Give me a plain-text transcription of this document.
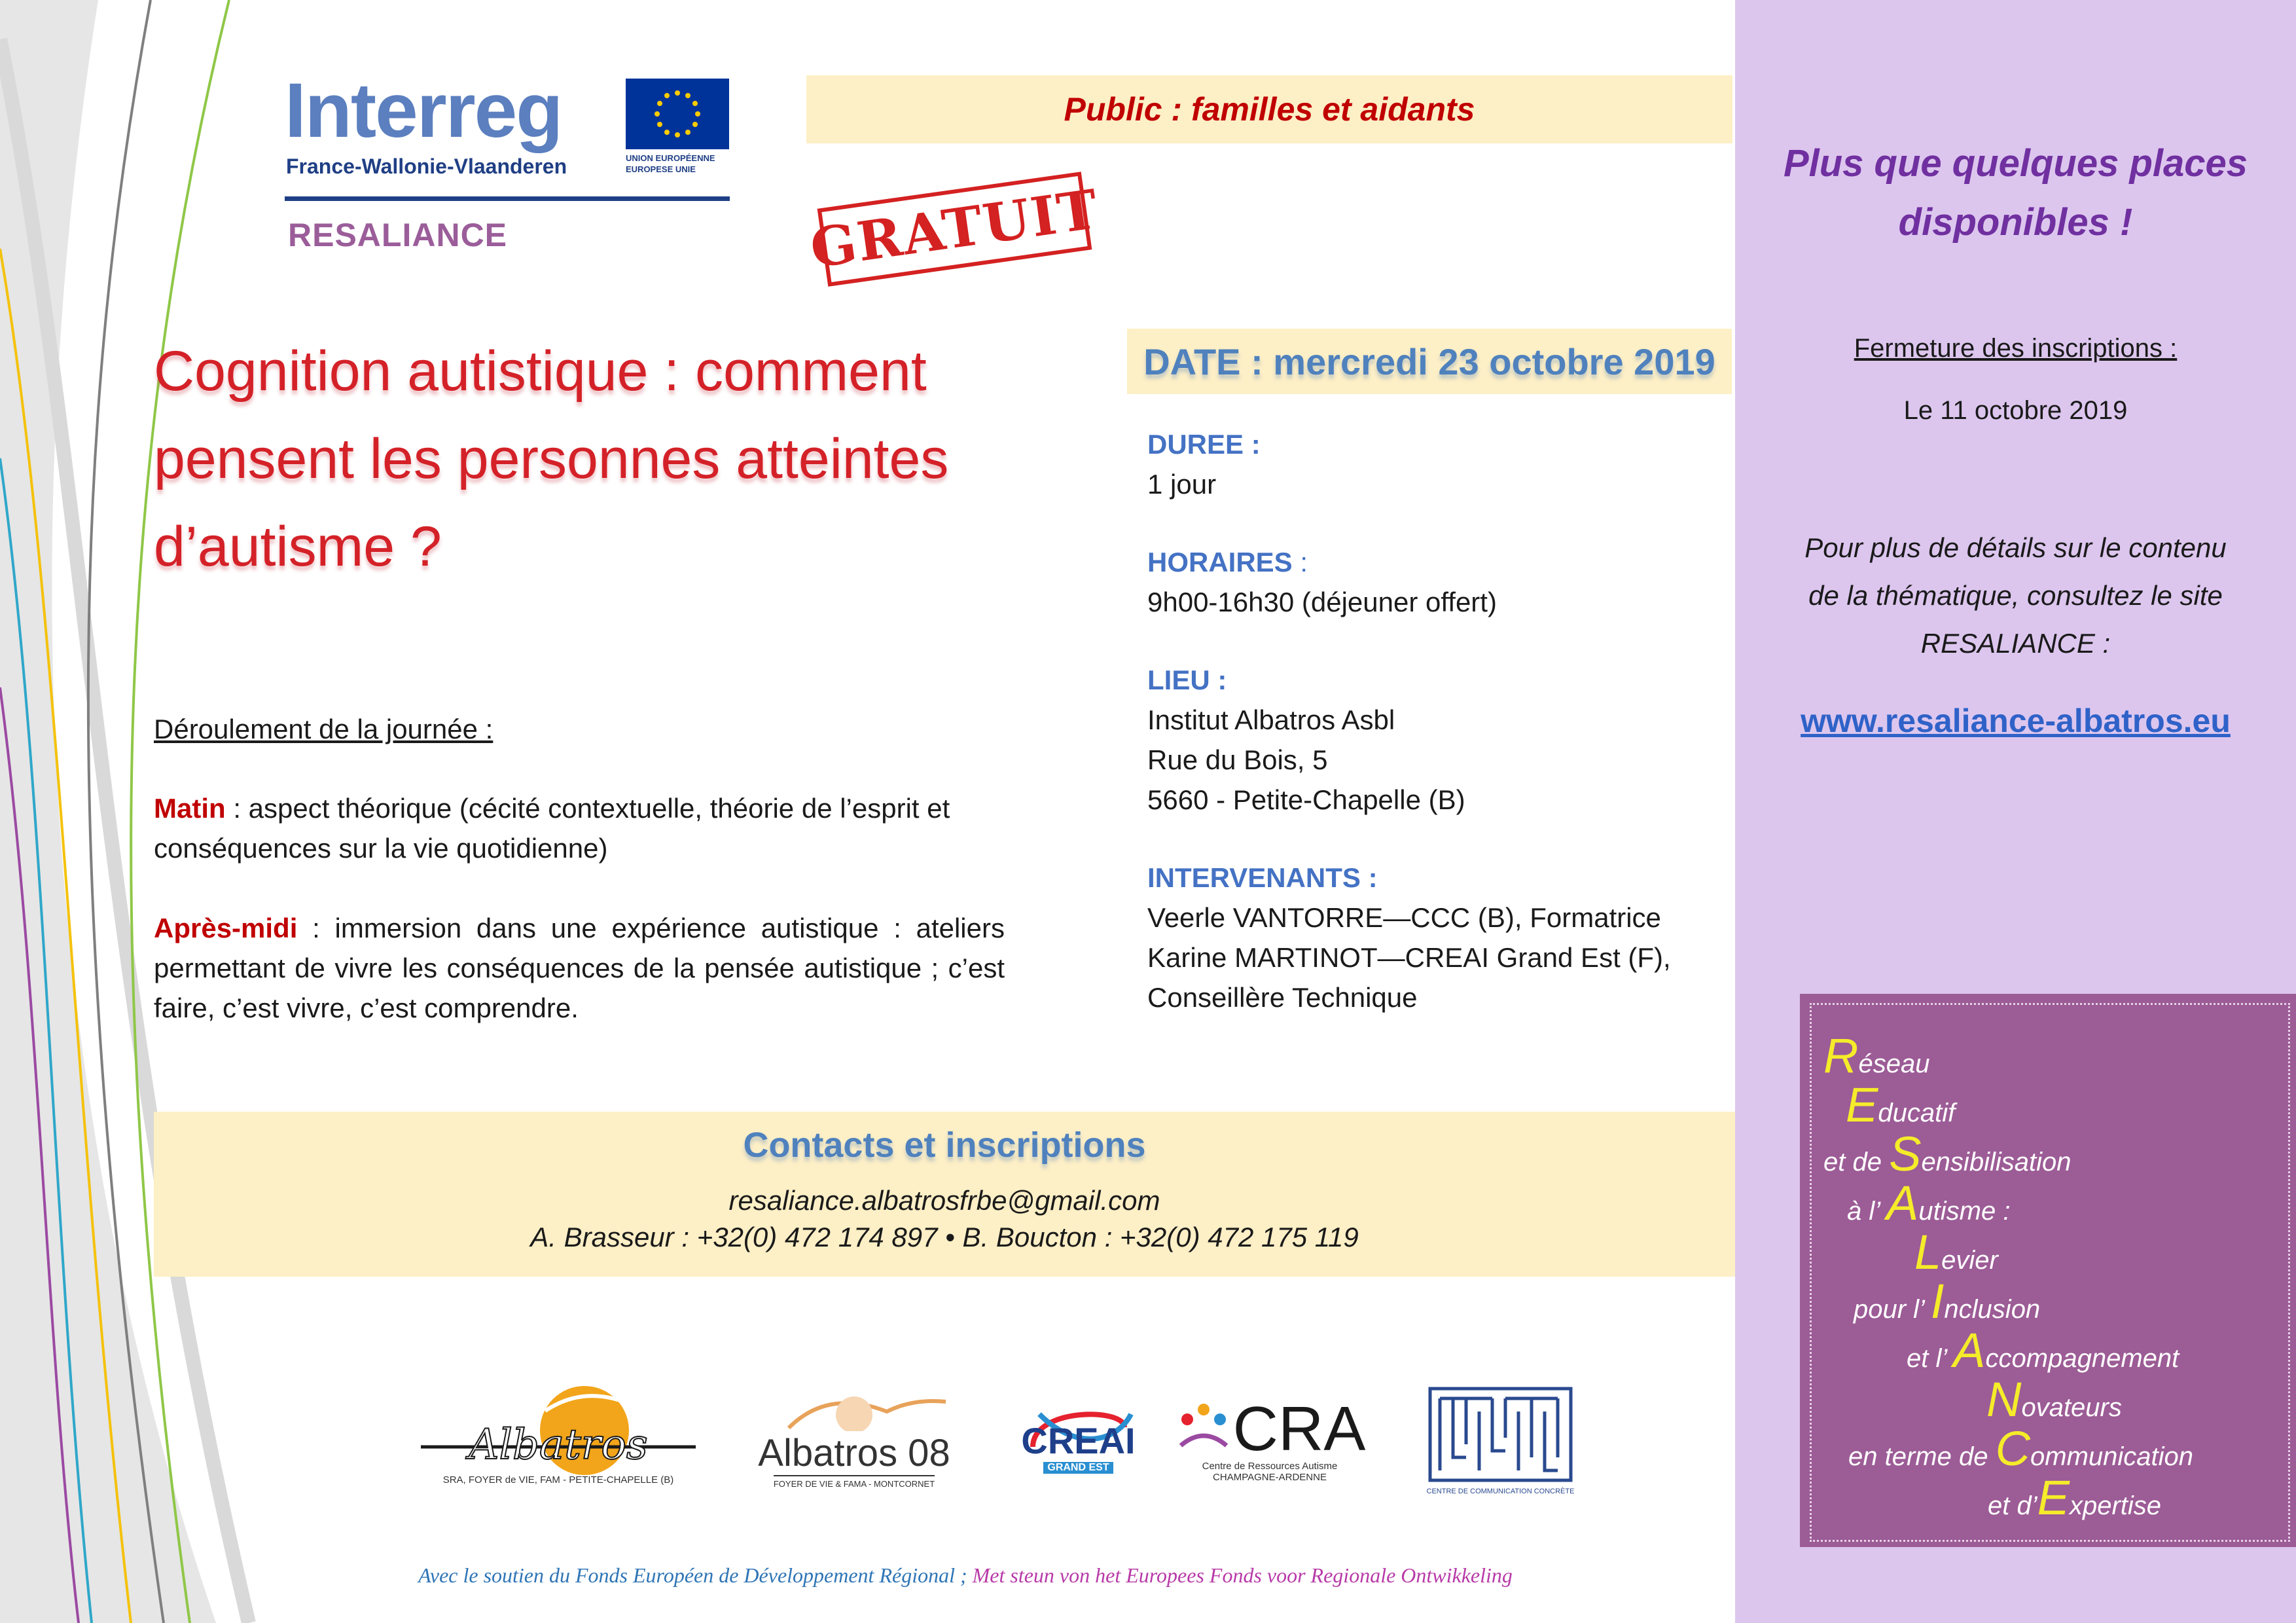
Interreg
France-Wallonie-Vlaanderen	UNION EUROPÉENNE
EUROPESE UNIE
RESALIANCE
Public : familles et aidants
GRATUIT
Cognition autistique : comment
pensent les personnes atteintes
d’autisme ?
Déroulement de la journée :
Matin : aspect théorique (cécité contextuelle, théorie de l’esprit et conséquences sur la vie quotidienne)
Après-midi : immersion dans une expérience autistique : ateliers permettant de vivre les conséquences de la pensée autistique ; c’est faire, c’est vivre, c’est comprendre.
DATE : mercredi 23 octobre 2019
DUREE :
1 jour
HORAIRES :
9h00-16h30 (déjeuner offert)
LIEU :
Institut Albatros Asbl
Rue du Bois, 5
5660 - Petite-Chapelle (B)
INTERVENANTS :
Veerle VANTORRE—CCC (B), Formatrice
Karine MARTINOT—CREAI Grand Est (F),
Conseillère Technique
Contacts et inscriptions
resaliance.albatrosfrbe@gmail.com
A. Brasseur : +32(0) 472 174 897 • B. Boucton : +32(0) 472 175 119
Plus que quelques places
disponibles !
Fermeture des inscriptions :
Le 11 octobre 2019
Pour plus de détails sur le contenu
de la thématique, consultez le site
RESALIANCE :
www.resaliance-albatros.eu
Réseau
Educatif
et de Sensibilisation
à l’ Autisme :
Levier
pour l’ Inclusion
et l’ Accompagnement
Novateurs
en terme de Communication
et d’Expertise
Albatros
SRA, FOYER de VIE, FAM - PETITE-CHAPELLE (B)
Albatros 08
FOYER DE VIE & FAMA - MONTCORNET
CREAI
GRAND EST
CRA
Centre de Ressources Autisme
CHAMPAGNE-ARDENNE
CENTRE DE COMMUNICATION CONCRÈTE
Avec le soutien du Fonds Européen de Développement Régional ; Met steun von het Europees Fonds voor Regionale Ontwikkeling
